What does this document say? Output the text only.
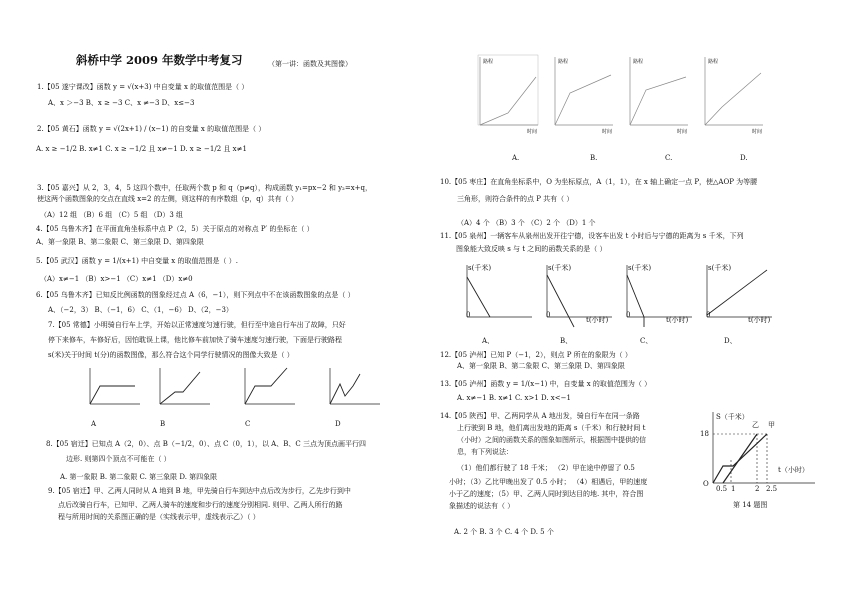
斜桥中学 2009 年数学中考复习	（第一讲：函数及其图像）
1.【05 遂宁课改】函数 y = √(x+3) 中自变量 x 的取值范围是（ ）
A、x ＞−3 B、x ≥ −3 C、x ≠−3 D、x≤−3
2.【05 黄石】函数 y = √(2x+1) / (x−1) 的自变量 x 的取值范围是（ ）
A. x ≥ −1/2 B. x≠1 C. x ≥ −1/2 且 x≠−1 D. x ≥ −1/2 且 x≠1
3.【05 嘉兴】从 2，3，4，5 这四个数中，任取两个数 p 和 q（p≠q），构成函数 y₁=px−2 和 y₂=x+q，
使这两个函数图象的交点在直线 x=2 的左侧，则这样的有序数组（p，q）共有（ ）
（A）12 组 （B）6 组 （C）5 组 （D）3 组
4.【05 乌鲁木齐】在平面直角坐标系中点 P（2，5）关于原点的对称点 P′ 的坐标在（ ）
A、第一象限 B、第二象限 C、第三象限 D、第四象限
5.【05 武汉】函数 y = 1/(x+1) 中自变量 x 的取值范围是（ ）.
（A）x≠−1 （B）x>−1 （C）x≠1 （D）x≠0
6.【05 乌鲁木齐】已知反比例函数的图象经过点 A（6，−1），则下列点中不在该函数图象的点是（ ）
A、（−2，3） B、（−1，6） C、（1，−6） D、（2，−3）
7.【05 常德】小明骑自行车上学，开始以正常速度匀速行驶，但行至中途自行车出了故障，只好
停下来修车，车修好后，因怕耽误上课，他比修车前加快了骑车速度匀速行驶，下面是行驶路程
s(米)关于时间 t(分)的函数图像，那么符合这个同学行驶情况的图像大致是（ ）
8.【05 宿迁】已知点 A（2，0）、点 B（−1/2，0）、点 C（0，1），以 A、B、C 三点为顶点画平行四
边形. 则第四个顶点不可能在（ ）
A. 第一象限 B. 第二象限 C. 第三象限 D. 第四象限
9.【05 宿迁】甲、乙两人同时从 A 地到 B 地，甲先骑自行车到达中点后改为步行，乙先步行到中
点后改骑自行车，已知甲、乙两人骑车的速度和步行的速度分别相同. 则甲、乙两人所行的路
程与所用时间的关系图正确的是（实线表示甲，虚线表示乙）（ ）
A	B	C	D
路程	路程	路程	路程
时间	时间	时间	时间
A.	B.	C.	D.
10.【05 枣庄】在直角坐标系中，O 为坐标原点，A（1，1），在 x 轴上确定一点 P，使△AOP 为等腰
三角形，则符合条件的点 P 共有（ ）
（A）4 个 （B）3 个 （C）2 个 （D）1 个
11.【05 泉州】一辆客车从泉州出发开往宁德，设客车出发 t 小时后与宁德的距离为 s 千米，下列
图象能大致反映 s 与 t 之间的函数关系的是（ ）
12.【05 泸州】已知 P（−1，2），则点 P 所在的象限为（ ）
A、第一象限 B、第二象限 C、第三象限 D、第四象限
13.【05 泸州】函数 y = 1/(x−1) 中，自变量 x 的取值范围为（ ）
A. x≠−1 B. x≠1 C. x>1 D. x<−1
14.【05 陕西】甲、乙两同学从 A 地出发，骑自行车在同一条路
上行驶到 B 地，他们离出发地的距离 s（千米）和行驶时间 t
（小时）之间的函数关系的图象如图所示，根据图中提供的信
息，有下列说法：
（1）他们都行驶了 18 千米； （2）甲在途中停留了 0.5
小时；（3）乙比甲晚出发了 0.5 小时； （4）相遇后，甲的速度
小于乙的速度；（5）甲、乙两人同时到达目的地. 其中，符合图
象描述的说法有（ ）
A. 2 个 B. 3 个 C. 4 个 D. 5 个
s(千米)	s(千米)	s(千米)	s(千米)
0	0	0	0
t(小时)	t(小时)	t(小时)
A、	B、	C、	D、
S（千米）
乙 甲
18
t（小时）
O
0.5 1	2 2.5
第 14 题图
